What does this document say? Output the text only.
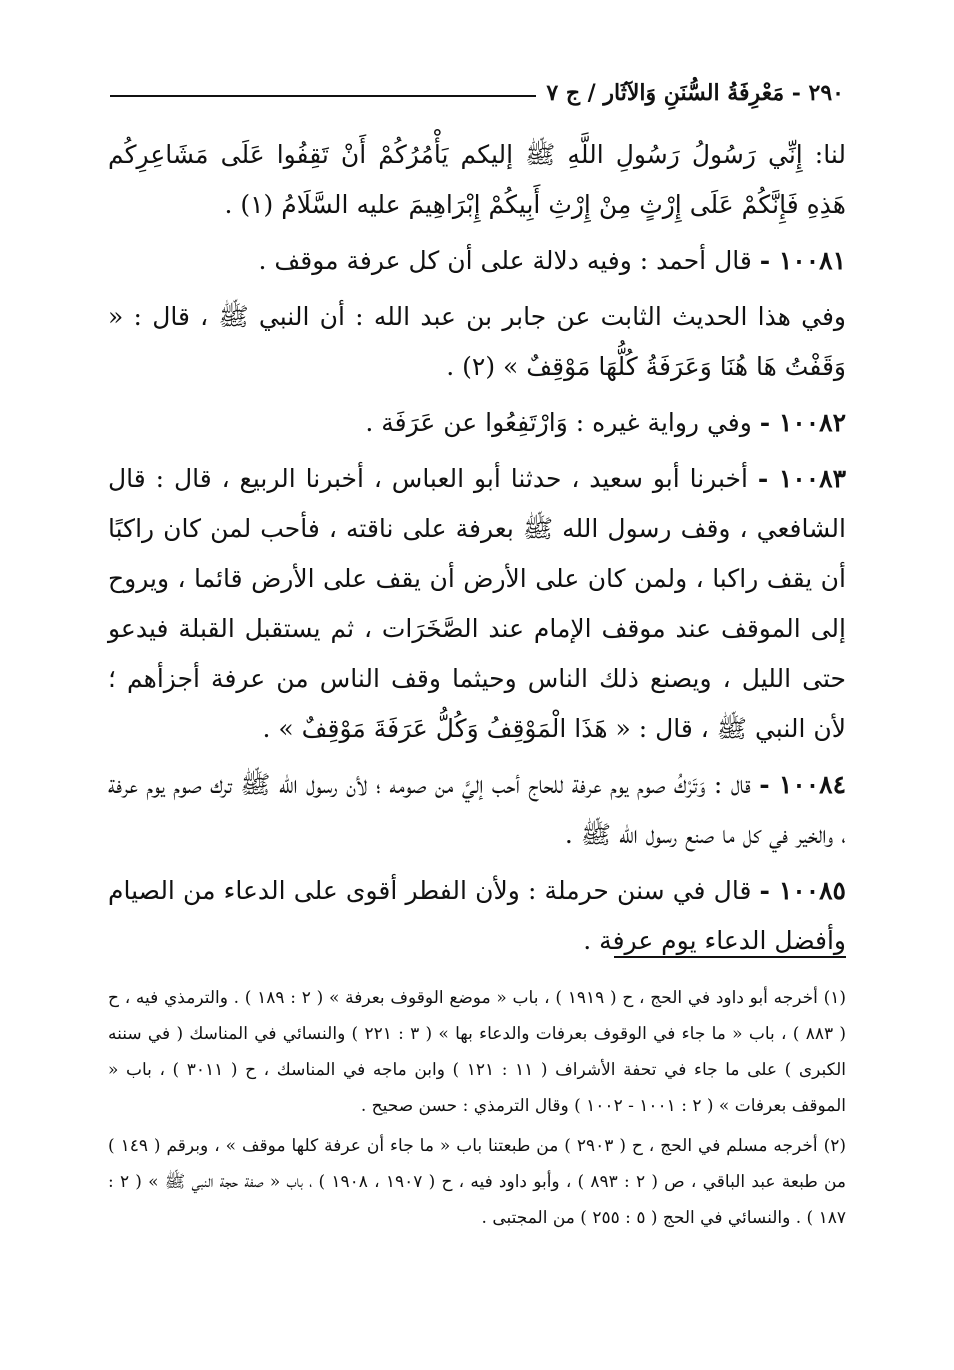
٢٩٠ - مَعْرِفَةُ السُّنَنِ وَالآثَار / ج ٧

لنا: إِنِّي رَسُولُ رَسُولِ اللَّهِ ﷺ إليكم يَأْمُرُكُمْ أَنْ تَقِفُوا عَلَى مَشَاعِرِكُم هَذِهِ فَإِنَّكُمْ عَلَى إِرْثٍ مِنْ إِرْثِ أَبِيكُمْ إِبْرَاهِيمَ عليه السَّلَامُ (١) .

١٠٠٨١ - قال أحمد : وفيه دلالة على أن كل عرفة موقف .

وفي هذا الحديث الثابت عن جابر بن عبد الله : أن النبي ﷺ ، قال : « وَقَفْتُ هَا هُنَا وَعَرَفَةُ كُلُّهَا مَوْقِفٌ » (٢) .

١٠٠٨٢ - وفي رواية غيره : وَارْتَفِعُوا عن عَرَفَة .

١٠٠٨٣ - أخبرنا أبو سعيد ، حدثنا أبو العباس ، أخبرنا الربيع ، قال : قال الشافعي ، وقف رسول الله ﷺ بعرفة على ناقته ، فأحب لمن كان راكبًا أن يقف راكبا ، ولمن كان على الأرض أن يقف على الأرض قائما ، ويروح إلى الموقف عند موقف الإمام عند الصَّخَرَات ، ثم يستقبل القبلة فيدعو حتى الليل ، ويصنع ذلك الناس وحيثما وقف الناس من عرفة أجزأهم ؛ لأن النبي ﷺ ، قال : « هَذَا الْمَوْقِفُ وَكُلُّ عَرَفَةَ مَوْقِفٌ » .

١٠٠٨٤ - قال : وَتَرْكُ صوم يوم عرفة للحاج أحب إليَّ من صومه ؛ لأن رسول الله ﷺ ترك صوم يوم عرفة ، والخير في كل ما صنع رسول الله ﷺ .

١٠٠٨٥ - قال في سنن حرملة : ولأن الفطر أقوى على الدعاء من الصيام وأفضل الدعاء يوم عرفة .

(١) أخرجه أبو داود في الحج ، ح ( ١٩١٩ ) ، باب « موضع الوقوف بعرفة » ( ٢ : ١٨٩ ) . والترمذي فيه ، ح ( ٨٨٣ ) ، باب « ما جاء في الوقوف بعرفات والدعاء بها » ( ٣ : ٢٢١ ) والنسائي في المناسك ( في سننه الكبرى ) على ما جاء في تحفة الأشراف ( ١١ : ١٢١ ) وابن ماجه في المناسك ، ح ( ٣٠١١ ) ، باب « الموقف بعرفات » ( ٢ : ١٠٠١ - ١٠٠٢ ) وقال الترمذي : حسن صحيح .

(٢) أخرجه مسلم في الحج ، ح ( ٢٩٠٣ ) من طبعتنا باب « ما جاء أن عرفة كلها موقف » ، وبرقم ( ١٤٩ ) من طبعة عبد الباقي ، ص ( ٢ : ٨٩٣ ) ، وأبو داود فيه ، ح ( ١٩٠٧ ، ١٩٠٨ ) ، باب « صفة حجة النبي ﷺ » ( ٢ : ١٨٧ ) . والنسائي في الحج ( ٥ : ٢٥٥ ) من المجتبى .
